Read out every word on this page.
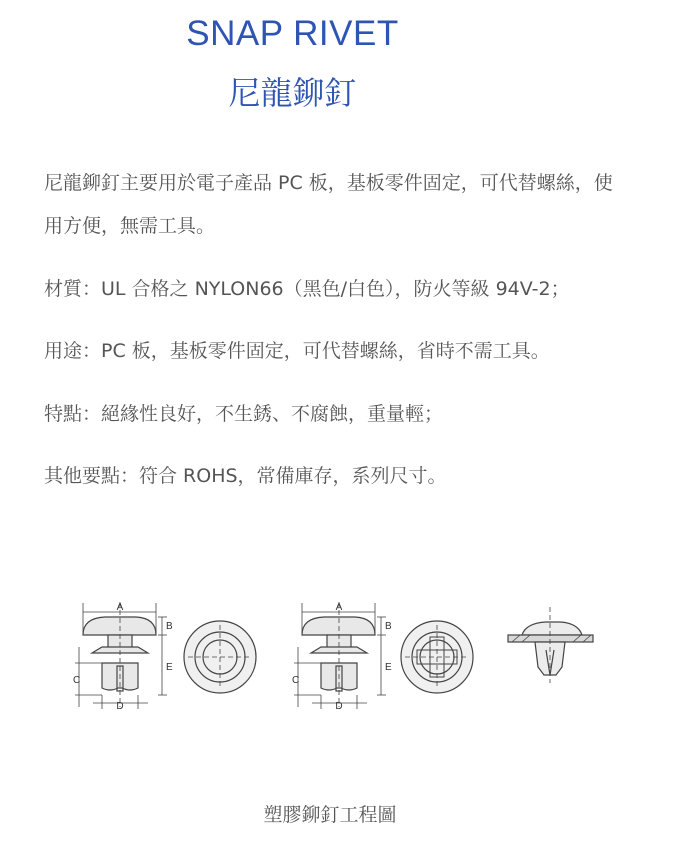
SNAP RIVET
尼龍鉚釘
尼龍鉚釘主要用於電子產品 PC 板，基板零件固定，可代替螺絲，使用方便，無需工具。
材質：UL 合格之 NYLON66（黑色/白色），防火等級 94V-2；
用途：PC 板，基板零件固定，可代替螺絲，省時不需工具。
特點：絕緣性良好，不生銹、不腐蝕，重量輕；
其他要點：符合 ROHS，常備庫存，系列尺寸。
A
B
C
D
E
A
B
C
D
E
塑膠鉚釘工程圖
